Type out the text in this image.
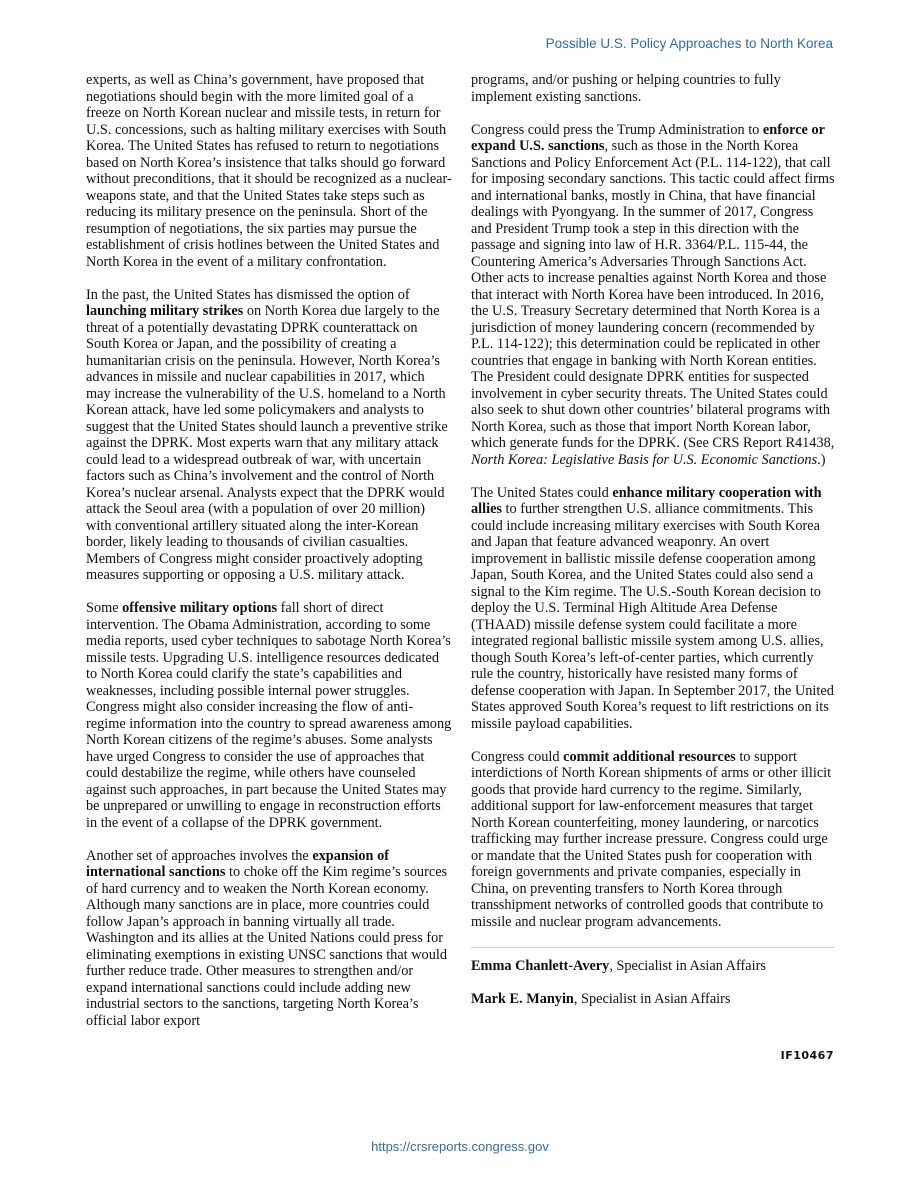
Possible U.S. Policy Approaches to North Korea

experts, as well as China’s government, have proposed that negotiations should begin with the more limited goal of a freeze on North Korean nuclear and missile tests, in return for U.S. concessions, such as halting military exercises with South Korea. The United States has refused to return to negotiations based on North Korea’s insistence that talks should go forward without preconditions, that it should be recognized as a nuclear-weapons state, and that the United States take steps such as reducing its military presence on the peninsula. Short of the resumption of negotiations, the six parties may pursue the establishment of crisis hotlines between the United States and North Korea in the event of a military confrontation.

In the past, the United States has dismissed the option of launching military strikes on North Korea due largely to the threat of a potentially devastating DPRK counterattack on South Korea or Japan, and the possibility of creating a humanitarian crisis on the peninsula. However, North Korea’s advances in missile and nuclear capabilities in 2017, which may increase the vulnerability of the U.S. homeland to a North Korean attack, have led some policymakers and analysts to suggest that the United States should launch a preventive strike against the DPRK. Most experts warn that any military attack could lead to a widespread outbreak of war, with uncertain factors such as China’s involvement and the control of North Korea’s nuclear arsenal. Analysts expect that the DPRK would attack the Seoul area (with a population of over 20 million) with conventional artillery situated along the inter-Korean border, likely leading to thousands of civilian casualties. Members of Congress might consider proactively adopting measures supporting or opposing a U.S. military attack.

Some offensive military options fall short of direct intervention. The Obama Administration, according to some media reports, used cyber techniques to sabotage North Korea’s missile tests. Upgrading U.S. intelligence resources dedicated to North Korea could clarify the state’s capabilities and weaknesses, including possible internal power struggles. Congress might also consider increasing the flow of anti-regime information into the country to spread awareness among North Korean citizens of the regime’s abuses. Some analysts have urged Congress to consider the use of approaches that could destabilize the regime, while others have counseled against such approaches, in part because the United States may be unprepared or unwilling to engage in reconstruction efforts in the event of a collapse of the DPRK government.

Another set of approaches involves the expansion of international sanctions to choke off the Kim regime’s sources of hard currency and to weaken the North Korean economy. Although many sanctions are in place, more countries could follow Japan’s approach in banning virtually all trade. Washington and its allies at the United Nations could press for eliminating exemptions in existing UNSC sanctions that would further reduce trade. Other measures to strengthen and/or expand international sanctions could include adding new industrial sectors to the sanctions, targeting North Korea’s official labor export

programs, and/or pushing or helping countries to fully implement existing sanctions.

Congress could press the Trump Administration to enforce or expand U.S. sanctions, such as those in the North Korea Sanctions and Policy Enforcement Act (P.L. 114-122), that call for imposing secondary sanctions. This tactic could affect firms and international banks, mostly in China, that have financial dealings with Pyongyang. In the summer of 2017, Congress and President Trump took a step in this direction with the passage and signing into law of H.R. 3364/P.L. 115-44, the Countering America’s Adversaries Through Sanctions Act. Other acts to increase penalties against North Korea and those that interact with North Korea have been introduced. In 2016, the U.S. Treasury Secretary determined that North Korea is a jurisdiction of money laundering concern (recommended by P.L. 114-122); this determination could be replicated in other countries that engage in banking with North Korean entities. The President could designate DPRK entities for suspected involvement in cyber security threats. The United States could also seek to shut down other countries’ bilateral programs with North Korea, such as those that import North Korean labor, which generate funds for the DPRK. (See CRS Report R41438, North Korea: Legislative Basis for U.S. Economic Sanctions.)

The United States could enhance military cooperation with allies to further strengthen U.S. alliance commitments. This could include increasing military exercises with South Korea and Japan that feature advanced weaponry. An overt improvement in ballistic missile defense cooperation among Japan, South Korea, and the United States could also send a signal to the Kim regime. The U.S.-South Korean decision to deploy the U.S. Terminal High Altitude Area Defense (THAAD) missile defense system could facilitate a more integrated regional ballistic missile system among U.S. allies, though South Korea’s left-of-center parties, which currently rule the country, historically have resisted many forms of defense cooperation with Japan. In September 2017, the United States approved South Korea’s request to lift restrictions on its missile payload capabilities.

Congress could commit additional resources to support interdictions of North Korean shipments of arms or other illicit goods that provide hard currency to the regime. Similarly, additional support for law-enforcement measures that target North Korean counterfeiting, money laundering, or narcotics trafficking may further increase pressure. Congress could urge or mandate that the United States push for cooperation with foreign governments and private companies, especially in China, on preventing transfers to North Korea through transshipment networks of controlled goods that contribute to missile and nuclear program advancements.

Emma Chanlett-Avery, Specialist in Asian Affairs

Mark E. Manyin, Specialist in Asian Affairs

IF10467
https://crsreports.congress.gov
